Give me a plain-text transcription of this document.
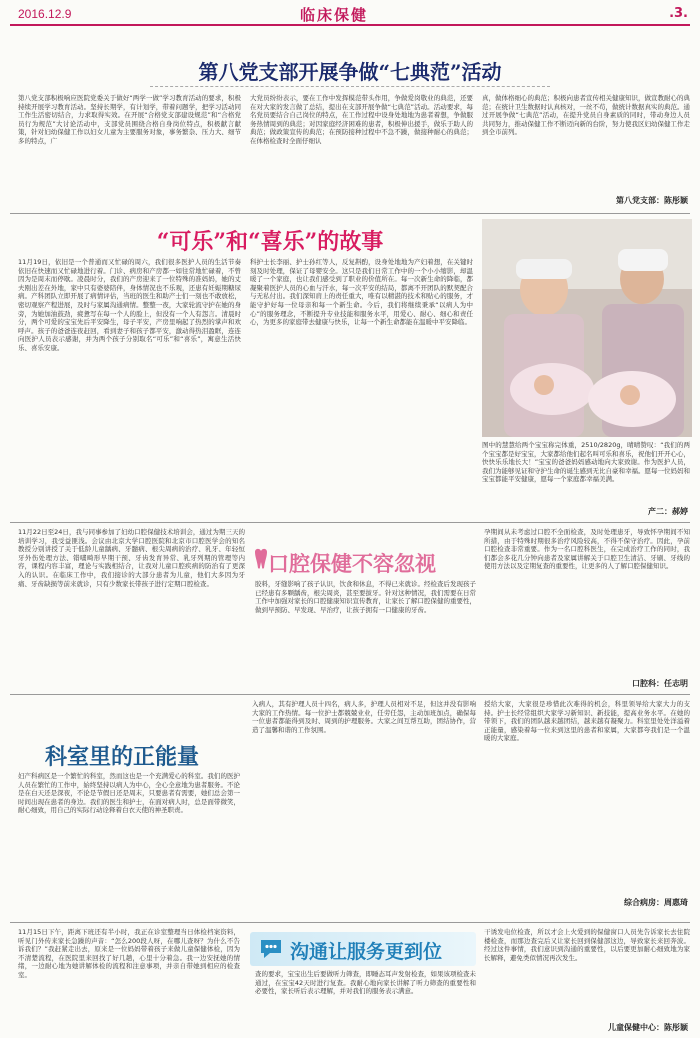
2016.12.9	临床保健	.3.
第八党支部开展争做“七典范”活动
第八党支部积极响应医院党委关于做好“两学一做”学习教育活动的要求，积极持续开展学习教育活动。坚持长期学，有计划学，带着问题学，把学习活动同工作生活密切结合，力求取得实效。在开展“合格党支部建设规范”和“合格党员行为规范”大讨论活动中，支部党员围绕合格自身岗位特点，积极献言献策，针对妇幼保健工作以妇女儿童为主要服务对象，事务繁杂、压力大、细节多的特点，广
大党员纷纷表示，要在工作中发挥模范带头作用，争做爱岗敬业的典范，还要在对大家的发言做了总结，提出在支部开展争做“七典范”活动。活动要求，每名党员要结合自己岗位的特点，在工作过程中设身处地地为患者着想，争做服务热情周到的典范；对因家庭经济困难的患者，积极伸出援手，做乐于助人的典范；做政策宣传的典范；在预防接种过程中不急不躁，做接种耐心的典范；在体格检查时全面仔细认
真，做体格细心的典范；积极向患者宣传相关健康知识，做宣教耐心的典范；在统计卫生数据时认真核对，一丝不苟，做统计数据真实的典范。通过开展争做“七典范”活动，在提升党员自身素质的同时，带动身边人员共同努力，推动保健工作不断迈向新的台阶，努力使我区妇幼保健工作走到全市前列。
第八党支部：陈彤颖
“可乐”和“喜乐”的故事
11月19日，依旧是一个普通而又忙碌的周六，我们很多医护人员的生活节奏依旧在快速而又忙碌地进行着。门诊、病房和产房都一如往常地忙碌着，不曾因为是周末而停歇。凌晨时分，我们的产房迎来了一位特殊的准妈妈，她的丈夫刚出差在外地，家中只有婆婆陪伴，身体情况也不乐观，还患有妊娠期糖尿病。产科团队立即开展了病情评估，当班的医生和助产士们一刻也不敢放松，密切观察产程进展，及时与家属沟通病情。整整一夜，大家轮流守护在她的身旁，为她加油鼓劲，疲惫写在每一个人的脸上，但没有一个人有怨言。清晨时分，两个可爱的宝宝先后平安降生，母子平安，产房里响起了热烈的掌声和欢呼声。孩子的爸爸连夜赶回，看到妻子和孩子都平安，激动得热泪盈眶，连连向医护人员表示感谢，并为两个孩子分别取名“可乐”和“喜乐”，寓意生活快乐、喜乐安康。
科护士长李丽、护士孙红等人，反复斟酌，设身处地地为产妇着想，在关键时刻及时处理，保证了母婴安全。这只是我们日常工作中的一个小小缩影，却温暖了一个家庭，也让我们感受到了职业的价值所在。每一次新生命的降临，都凝聚着医护人员的心血与汗水，每一次平安的结局，都离不开团队的默契配合与无私付出。我们深知肩上的责任重大，唯有以精湛的技术和贴心的服务，才能守护好每一位母亲和每一个新生命。今后，我们将继续秉承“以病人为中心”的服务理念，不断提升专业技能和服务水平，用爱心、耐心、细心和责任心，为更多的家庭带去健康与快乐，让每一个新生命都能在温暖中平安降临。
图中的慧慧给两个宝宝称完体重，2510/2820g，晴晴赞叹：“我们的两个宝宝都是好宝宝，大家都给他们起名叫可乐和喜乐，祝他们开开心心，快快乐乐地长大！”宝宝的爸爸妈妈感动地向大家致谢。作为医护人员，我们为能够见证和守护生命的诞生感到无比自豪和幸福。愿每一位妈妈和宝宝都能平安健康，愿每一个家庭都幸福美满。
产二：郝婷
11月22日至24日，我与同事参加了妇幼口腔保健技术培训会，通过为期三天的培训学习，我受益匪浅。会议由北京大学口腔医院和北京市口腔医学会的知名教授分别讲授了关于低龄儿童龋病、牙髓病、根尖周病的治疗、乳牙、年轻恒牙外伤处理方法、错㗲畸形早期干预、牙齿发育异常、乳牙列期的管理等内容，课程内容丰富，理论与实践相结合，让我对儿童口腔疾病的防治有了更深入的认识。在临床工作中，我们接诊的大部分患者为儿童，他们大多因为牙痛、牙齿缺损等前来就诊，只有少数家长带孩子进行定期口腔检查。
口腔保健不容忽视
胶料，牙缝影响了孩子认识，饮食和休息，不得已来就诊。经检查后发现孩子已经患有多颗龋齿，根尖周炎，甚至要拔牙。针对这种情况，我们需要在日常工作中加强对家长的口腔健康知识宣传教育，让家长了解口腔保健的重要性，做到早预防、早发现、早治疗，让孩子拥有一口健康的牙齿。
孕期间从未考虑过口腔不全面检查，及时处理患牙，导致怀孕期间不知所措，由于特殊时期很多治疗风险较高，不得不保守治疗。因此，孕前口腔检查非常重要。作为一名口腔科医生，在完成治疗工作的同时，我们都会多花几分钟向患者及家属讲解关于口腔卫生清洁、牙刷、牙线的使用方法以及定期复查的重要性，让更多的人了解口腔保健知识。
口腔科：任志明
科室里的正能量
妇产科病区是一个繁忙的科室，然而这也是一个充满爱心的科室。我们的医护人员在繁忙的工作中，始终坚持以病人为中心，全心全意地为患者服务。不论是在白天还是深夜，不论是节假日还是周末，只要患者有需要，她们总会第一时间出现在患者的身边。我们的医生和护士，在面对病人时，总是面带微笑，耐心细致，用自己的实际行动诠释着白衣天使的神圣职责。
入病人，其有护理人员十四名，病人多，护理人员相对不足，但这并没有影响大家的工作热情。每一位护士都兢兢业业，任劳任怨，主动加班加点，确保每一位患者都能得到及时、周到的护理服务。大家之间互帮互助，团结协作，营造了温馨和谐的工作氛围。
授给大家，大家很是珍惜此次难得的机会，科里领导给大家大力的支持。护士长经常组织大家学习新知识、新技能，提高业务水平。在她的带领下，我们的团队越来越团结，越来越有凝聚力。科室里处处洋溢着正能量，感染着每一位来到这里的患者和家属，大家都夸我们是一个温暖的大家庭。
综合病房：周惠琦
11月15日下午，距离下班还有半小时，我正在诊室整理当日体检档案资料，听见门外传来家长急躁的声音：“怎么200段人呀，在哪儿查呀？为什么不告诉我们？”我赶紧走出去，原来是一位妈妈带着孩子来做儿童保健体检，因为不清楚流程，在医院里来回找了好几趟，心里十分着急。我一边安抚她的情绪，一边耐心地为她讲解体检的流程和注意事项，并亲自带她到相应的检查室。
沟通让服务更到位
查的要求，宝宝出生后要做听力筛查，即睡态耳声发射检查，如果该项检查未通过，在宝宝42天时进行复查。我耐心地向家长讲解了听力筛查的重要性和必要性，家长听后表示理解，并对我们的服务表示满意。
干诱发电位检查，所以才会上火爱到的保健窗口人员先告诉家长去住院楼检查，而那边查完后又让家长回到保健部这边，导致家长来回奔波。经过这件事情，我们意识到沟通的重要性，以后要更加耐心细致地为家长解释，避免类似情况再次发生。
儿童保健中心：陈彤颖
